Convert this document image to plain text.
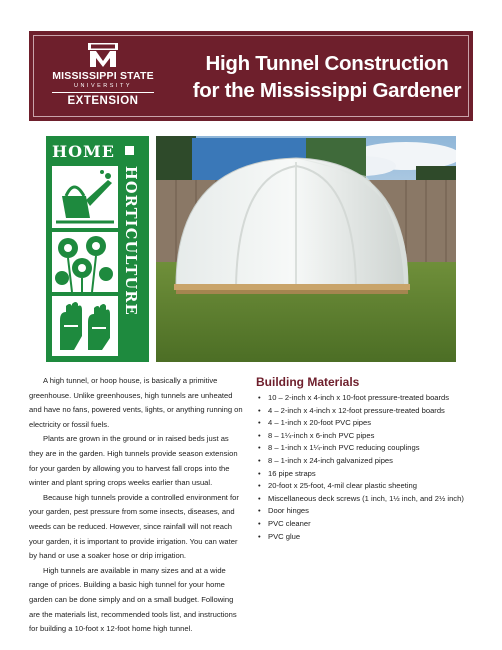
MISSISSIPPI STATE
UNIVERSITY
EXTENSION
High Tunnel Construction
for the Mississippi Gardener
HOME
HORTICULTURE

A high tunnel, or hoop house, is basically a primitive greenhouse. Unlike greenhouses, high tunnels are unheated and have no fans, powered vents, lights, or anything running on electricity or fossil fuels.

Plants are grown in the ground or in raised beds just as they are in the garden. High tunnels provide season extension for your garden by allowing you to harvest fall crops into the winter and plant spring crops weeks earlier than usual.

Because high tunnels provide a controlled environment for your garden, pest pressure from some insects, diseases, and weeds can be reduced. However, since rainfall will not reach your garden, it is important to provide irrigation. You can water by hand or use a soaker hose or drip irrigation.

High tunnels are available in many sizes and at a wide range of prices. Building a basic high tunnel for your home garden can be done simply and on a small budget. Following are the materials list, recommended tools list, and instructions for building a 10-foot x 12-foot home high tunnel.

Building Materials
• 10 – 2-inch x 4-inch x 10-foot pressure-treated boards
• 4 – 2-inch x 4-inch x 12-foot pressure-treated boards
• 4 – 1-inch x 20-foot PVC pipes
• 8 – 1¼-inch x 6-inch PVC pipes
• 8 – 1-inch x 1¼-inch PVC reducing couplings
• 8 – 1-inch x 24-inch galvanized pipes
• 16 pipe straps
• 20-foot x 25-foot, 4-mil clear plastic sheeting
• Miscellaneous deck screws (1 inch, 1½ inch, and 2½ inch)
• Door hinges
• PVC cleaner
• PVC glue
